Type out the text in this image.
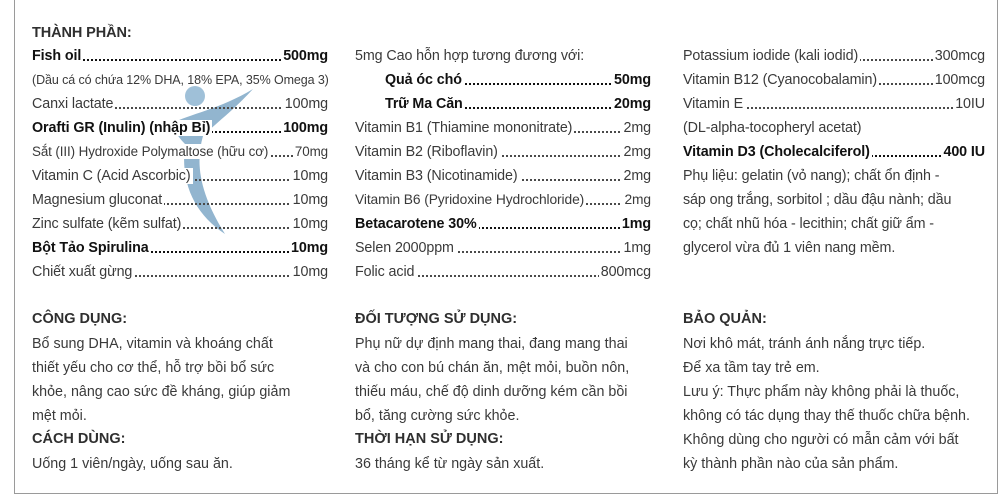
THÀNH PHẦN:
Fish oil	500mg
(Dầu cá có chứa 12% DHA, 18% EPA, 35% Omega 3)
Canxi lactate	100mg
Orafti GR (Inulin) (nhập Bỉ)	100mg
Sắt (III) Hydroxide Polymaltose (hữu cơ) 70mg
Vitamin C (Acid Ascorbic)	10mg
Magnesium gluconat	10mg
Zinc sulfate (kẽm sulfat)	10mg
Bột Tảo Spirulina	10mg
Chiết xuất gừng	10mg
5mg Cao hỗn hợp tương đương với:
Quả óc chó	50mg
Trữ Ma Căn	20mg
Vitamin B1 (Thiamine mononitrate)	2mg
Vitamin B2 (Riboflavin)	2mg
Vitamin B3 (Nicotinamide)	2mg
Vitamin B6 (Pyridoxine Hydrochloride)	2mg
Betacarotene 30%	1mg
Selen 2000ppm	1mg
Folic acid	800mcg
Potassium iodide (kali iodid)	300mcg
Vitamin B12 (Cyanocobalamin)	100mcg
Vitamin E	10IU
(DL-alpha-tocopheryl acetat)
Vitamin D3 (Cholecalciferol)	400 IU
Phụ liệu: gelatin (vỏ nang); chất ổn định -
sáp ong trắng, sorbitol ; dầu đậu nành; dầu
cọ; chất nhũ hóa - lecithin; chất giữ ẩm -
glycerol vừa đủ 1 viên nang mềm.
CÔNG DỤNG:
Bổ sung DHA, vitamin và khoáng chất
thiết yếu cho cơ thể, hỗ trợ bồi bổ sức
khỏe, nâng cao sức đề kháng, giúp giảm
mệt mỏi.
CÁCH DÙNG:
Uống 1 viên/ngày, uống sau ăn.
ĐỐI TƯỢNG SỬ DỤNG:
Phụ nữ dự định mang thai, đang mang thai
và cho con bú chán ăn, mệt mỏi, buồn nôn,
thiếu máu, chế độ dinh dưỡng kém cần bồi
bổ, tăng cường sức khỏe.
THỜI HẠN SỬ DỤNG:
36 tháng kể từ ngày sản xuất.
BẢO QUẢN:
Nơi khô mát, tránh ánh nắng trực tiếp.
Để xa tầm tay trẻ em.
Lưu ý: Thực phẩm này không phải là thuốc,
không có tác dụng thay thế thuốc chữa bệnh.
Không dùng cho người có mẫn cảm với bất
kỳ thành phần nào của sản phẩm.
